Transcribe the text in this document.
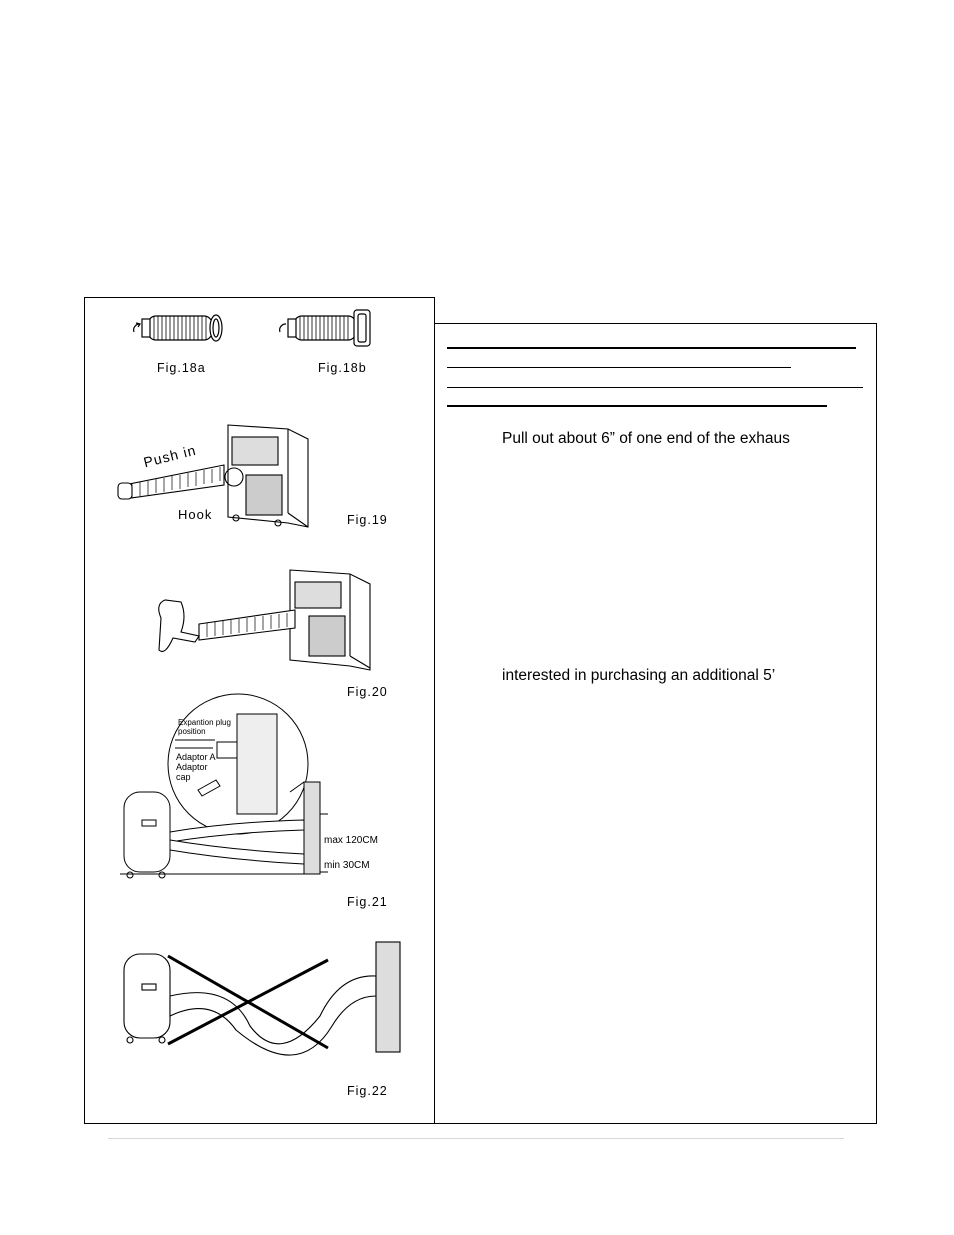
Pull out about 6” of one end of the exhaus
interested in purchasing an additional 5’
Fig.18a	Fig.18b
Push in
Hook	Fig.19
Fig.20
Expantion plug
position
Adaptor A
Adaptor
cap
max 120CM
min 30CM
Fig.21
Fig.22
